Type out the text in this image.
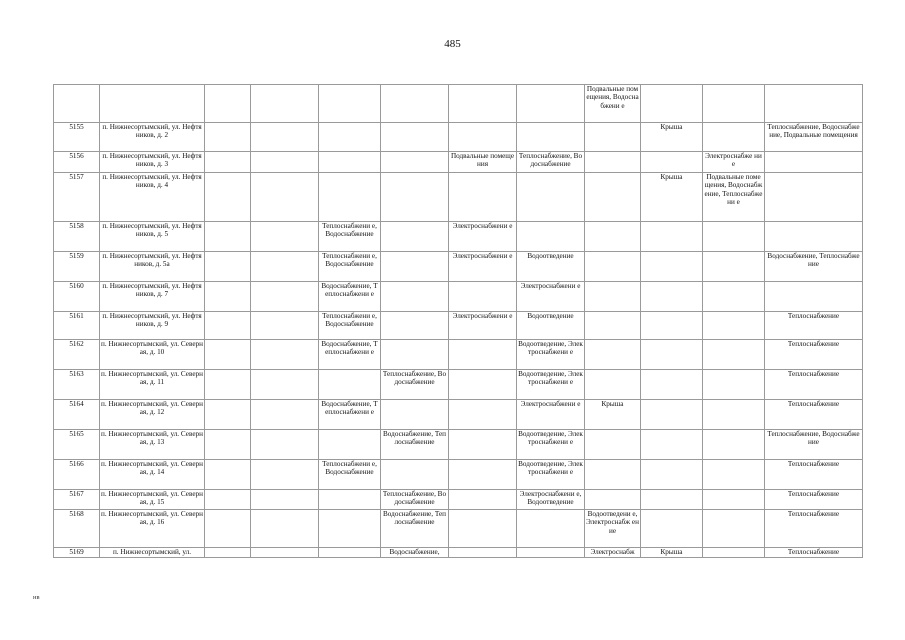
485
								Подвальные помещения, Водоснабжени е			
5155	п. Нижнесортымский, ул. Нефтяников, д. 2								Крыша		Теплоснабжение, Водоснабжение, Подвальные помещения
5156	п. Нижнесортымский, ул. Нефтяников, д. 3					Подвальные помещения	Теплоснабжение, Водоснабжение			Электроснабже ние	
5157	п. Нижнесортымский, ул. Нефтяников, д. 4								Крыша	Подвальные помещения, Водоснабжение, Теплоснабжени е	
5158	п. Нижнесортымский, ул. Нефтяников, д. 5			Теплоснабжени е, Водоснабжение		Электроснабжени е					
5159	п. Нижнесортымский, ул. Нефтяников, д. 5а			Теплоснабжени е, Водоснабжение		Электроснабжени е	Водоотведение				Водоснабжение, Теплоснабжение
5160	п. Нижнесортымский, ул. Нефтяников, д. 7			Водоснабжение, Теплоснабжени е			Электроснабжени е				
5161	п. Нижнесортымский, ул. Нефтяников, д. 9			Теплоснабжени е, Водоснабжение		Электроснабжени е	Водоотведение				Теплоснабжение
5162	п. Нижнесортымский, ул. Северная, д. 10			Водоснабжение, Теплоснабжени е			Водоотведение, Электроснабжени е				Теплоснабжение
5163	п. Нижнесортымский, ул. Северная, д. 11				Теплоснабжение, Водоснабжение		Водоотведение, Электроснабжени е				Теплоснабжение
5164	п. Нижнесортымский, ул. Северная, д. 12			Водоснабжение, Теплоснабжени е			Электроснабжени е	Крыша			Теплоснабжение
5165	п. Нижнесортымский, ул. Северная, д. 13				Водоснабжение, Теплоснабжение		Водоотведение, Электроснабжени е				Теплоснабжение, Водоснабжение
5166	п. Нижнесортымский, ул. Северная, д. 14			Теплоснабжени е, Водоснабжение			Водоотведение, Электроснабжени е				Теплоснабжение
5167	п. Нижнесортымский, ул. Северная, д. 15				Теплоснабжение, Водоснабжение		Электроснабжени е, Водоотведение				Теплоснабжение
5168	п. Нижнесортымский, ул. Северная, д. 16				Водоснабжение, Теплоснабжение			Водоотведени е, Электроснабж ение			Теплоснабжение
5169	п. Нижнесортымский, ул.				Водоснабжение,			Электроснабж	Крыша		Теплоснабжение
нв
